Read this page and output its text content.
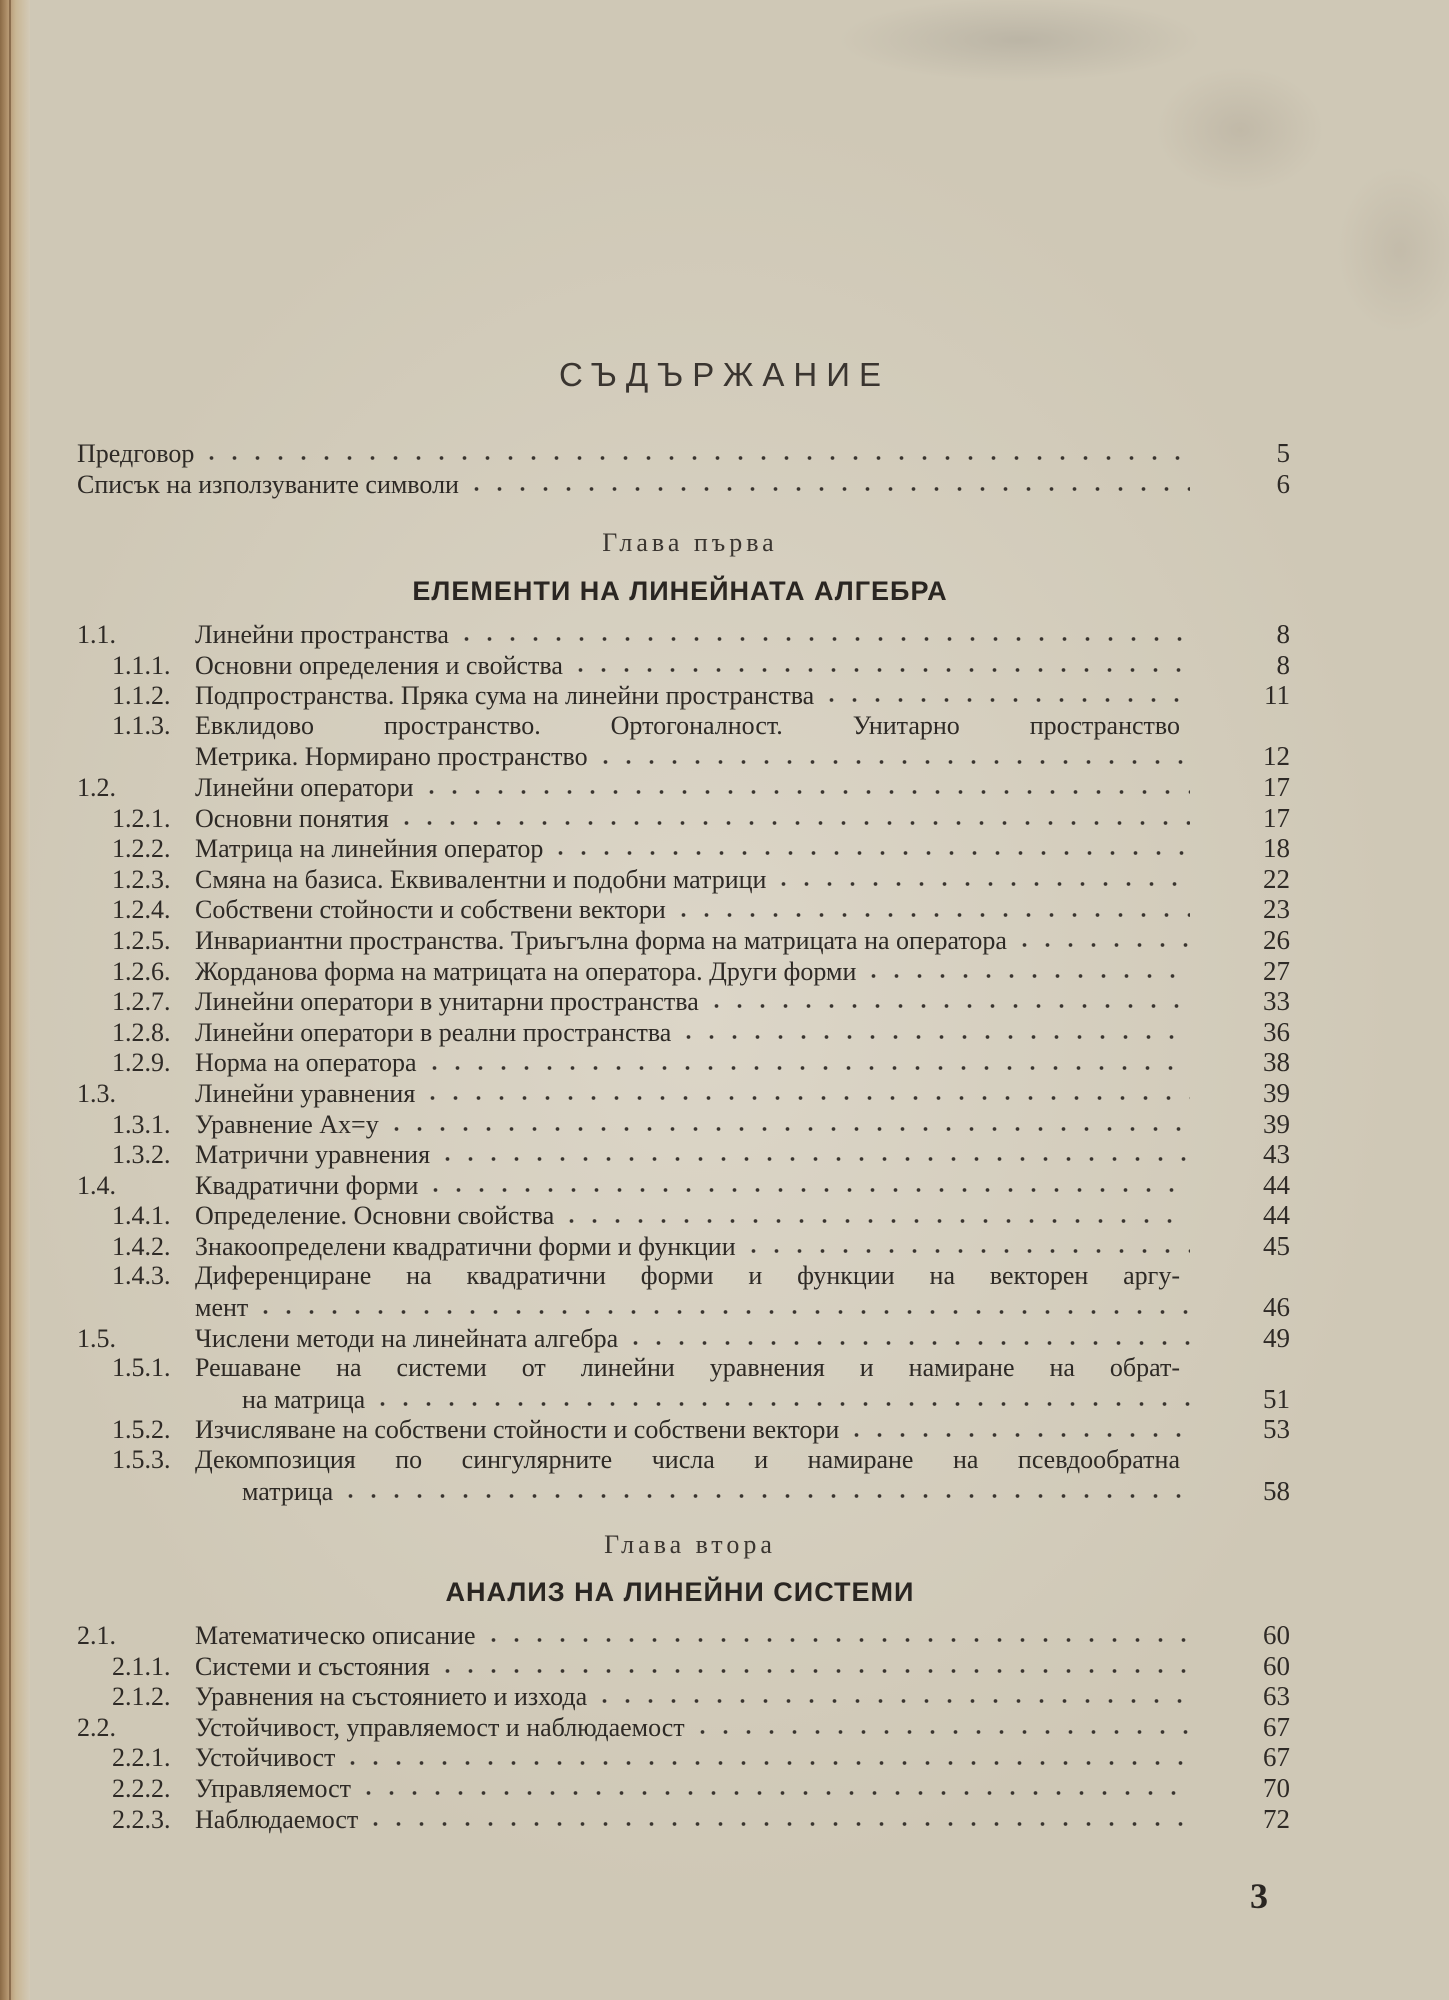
СЪДЪРЖАНИЕ
Предговор	5
Списък на използуваните символи	6
Глава първа
ЕЛЕМЕНТИ НА ЛИНЕЙНАТА АЛГЕБРА
1.1.	Линейни пространства	8
1.1.1. Основни определения и свойства	8
1.1.2. Подпространства. Пряка сума на линейни пространства	11
1.1.3. Евклидово пространство. Ортогоналност. Унитарно пространство
Метрика. Нормирано пространство	12
1.2.	Линейни оператори	17
1.2.1. Основни понятия	17
1.2.2. Матрица на линейния оператор	18
1.2.3. Смяна на базиса. Еквивалентни и подобни матрици	22
1.2.4. Собствени стойности и собствени вектори	23
1.2.5. Инвариантни пространства. Триъгълна форма на матрицата на оператора	26
1.2.6. Жорданова форма на матрицата на оператора. Други форми	27
1.2.7. Линейни оператори в унитарни пространства	33
1.2.8. Линейни оператори в реални пространства	36
1.2.9. Норма на оператора	38
1.3.	Линейни уравнения	39
1.3.1. Уравнение Ax=y	39
1.3.2. Матрични уравнения	43
1.4.	Квадратични форми	44
1.4.1. Определение. Основни свойства	44
1.4.2. Знакоопределени квадратични форми и функции	45
1.4.3. Диференциране на квадратични форми и функции на векторен аргу-
мент	46
1.5.	Числени методи на линейната алгебра	49
1.5.1. Решаване на системи от линейни уравнения и намиране на обрат-
на матрица	51
1.5.2. Изчисляване на собствени стойности и собствени вектори	53
1.5.3. Декомпозиция по сингулярните числа и намиране на псевдообратна
матрица	58
Глава втора
АНАЛИЗ НА ЛИНЕЙНИ СИСТЕМИ
2.1.	Математическо описание	60
2.1.1. Системи и състояния	60
2.1.2. Уравнения на състоянието и изхода	63
2.2.	Устойчивост, управляемост и наблюдаемост	67
2.2.1. Устойчивост	67
2.2.2. Управляемост	70
2.2.3. Наблюдаемост	72
3
